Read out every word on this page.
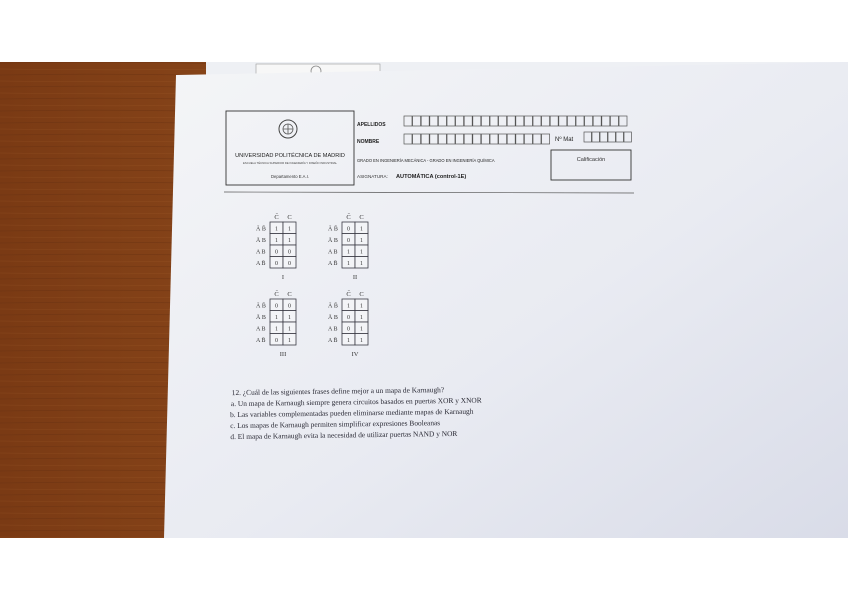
UNIVERSIDAD POLITÉCNICA DE MADRID
ESCUELA TÉCNICA SUPERIOR DE INGENIERÍA Y DISEÑO INDUSTRIAL
Departamento E.A.I.
APELLIDOS
NOMBRE	Nº Mat
Calificación
GRADO EN INGENIERÍA MECÁNICA - GRADO EN INGENIERÍA QUÍMICA
ASIGNATURA: AUTOMÁTICA (control-1E)
C̄ C
Ā B̄ 1 1
Ā B 1 1
A B 0 0
A B̄ 0 0
I
C̄ C
Ā B̄ 0 1
Ā B 0 1
A B 1 1
A B̄ 1 1
II
C̄ C
Ā B̄ 0 0
Ā B 1 1
A B 1 1
A B̄ 0 1
III
C̄ C
Ā B̄ 1 1
Ā B 0 1
A B 0 1
A B̄ 1 1
IV
12. ¿Cuál de las siguientes frases define mejor a un mapa de Karnaugh?
a. Un mapa de Karnaugh siempre genera circuitos basados en puertas XOR y XNOR
b. Las variables complementadas pueden eliminarse mediante mapas de Karnaugh
c. Los mapas de Karnaugh permiten simplificar expresiones Booleanas
d. El mapa de Karnaugh evita la necesidad de utilizar puertas NAND y NOR
